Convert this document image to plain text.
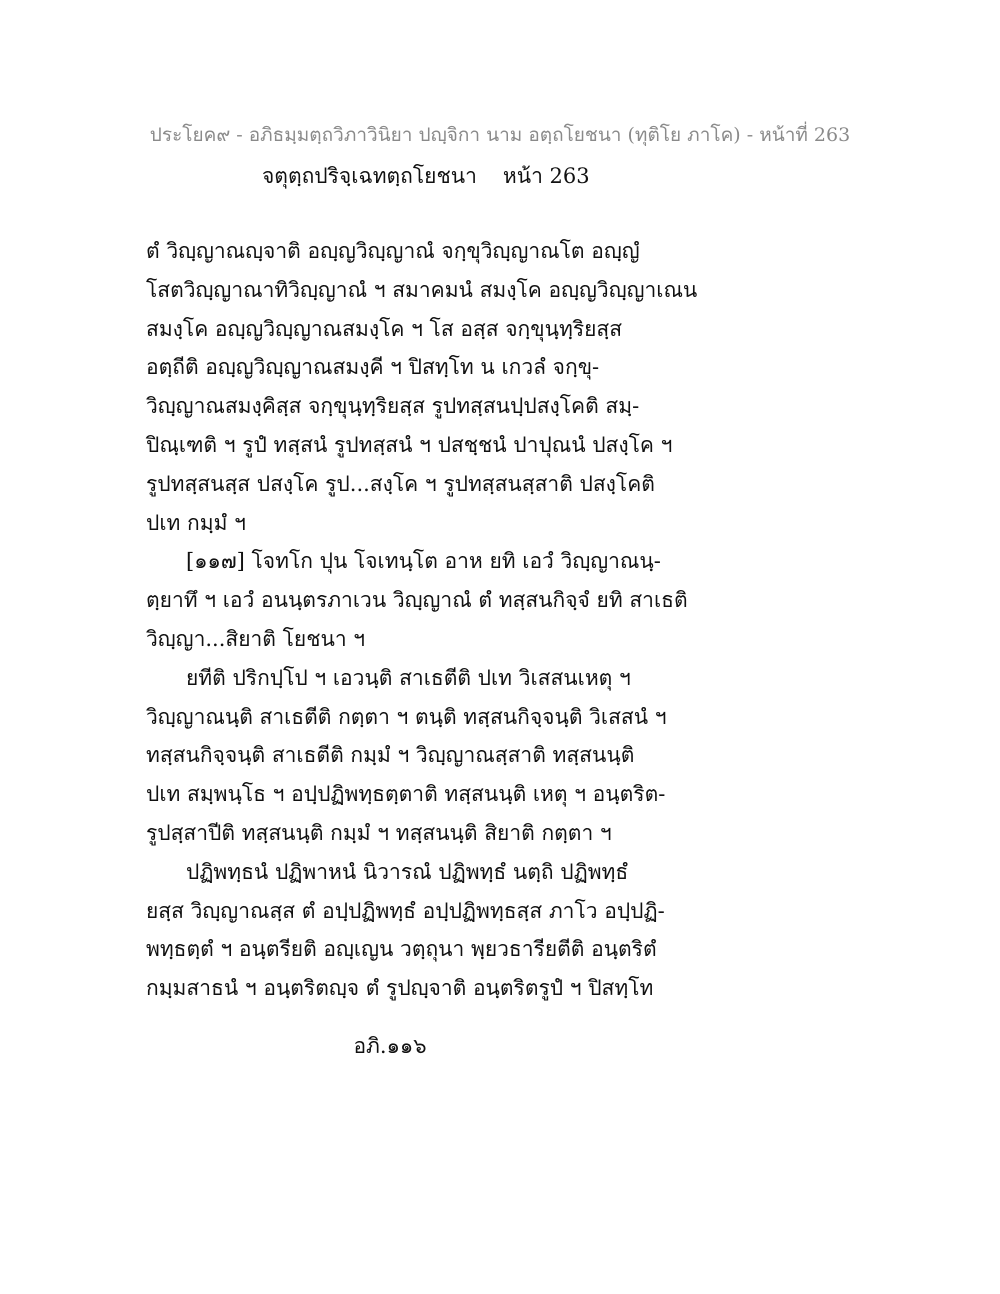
ประโยค๙ - อภิธมฺมตฺถวิภาวินิยา ปญฺจิกา นาม อตฺถโยชนา (ทุติโย ภาโค) - หน้าที่ 263
จตุตฺถปริจฺเฉทตฺถโยชนา หน้า 263
ตํ วิญฺญาณญฺจาติ อญฺญวิญฺญาณํ จกฺขุวิญฺญาณโต อญฺญํ
โสตวิญฺญาณาทิวิญฺญาณํ ฯ สมาคมนํ สมงฺโค อญฺญวิญฺญาเณน
สมงฺโค อญฺญวิญฺญาณสมงฺโค ฯ โส อสฺส จกฺขุนฺทฺริยสฺส
อตฺถีติ อญฺญวิญฺญาณสมงฺคี ฯ ปิสทฺโท น เกวลํ จกฺขุ-
วิญฺญาณสมงฺคิสฺส จกฺขุนฺทฺริยสฺส รูปทสฺสนปฺปสงฺโคติ สมฺ-
ปิณฺเฑติ ฯ รูปํ ทสฺสนํ รูปทสฺสนํ ฯ ปสชฺชนํ ปาปุณนํ ปสงฺโค ฯ
รูปทสฺสนสฺส ปสงฺโค รูป...สงฺโค ฯ รูปทสฺสนสฺสาติ ปสงฺโคติ
ปเท กมฺมํ ฯ
[๑๑๗] โจทโก ปุน โจเทนฺโต อาห ยทิ เอวํ วิญฺญาณนฺ-
ตฺยาทึ ฯ เอวํ อนนฺตรภาเวน วิญฺญาณํ ตํ ทสฺสนกิจฺจํ ยทิ สาเธติ
วิญฺญา...สิยาติ โยชนา ฯ
ยทีติ ปริกปฺโป ฯ เอวนฺติ สาเธตีติ ปเท วิเสสนเหตุ ฯ
วิญฺญาณนฺติ สาเธตีติ กตฺตา ฯ ตนฺติ ทสฺสนกิจฺจนฺติ วิเสสนํ ฯ
ทสฺสนกิจฺจนฺติ สาเธตีติ กมฺมํ ฯ วิญฺญาณสฺสาติ ทสฺสนนฺติ
ปเท สมฺพนฺโธ ฯ อปฺปฏิพทฺธตฺตาติ ทสฺสนนฺติ เหตุ ฯ อนฺตริต-
รูปสฺสาปีติ ทสฺสนนฺติ กมฺมํ ฯ ทสฺสนนฺติ สิยาติ กตฺตา ฯ
ปฏิพทฺธนํ ปฏิพาหนํ นิวารณํ ปฏิพทฺธํ นตฺถิ ปฏิพทฺธํ
ยสฺส วิญฺญาณสฺส ตํ อปฺปฏิพทฺธํ อปฺปฏิพทฺธสฺส ภาโว อปฺปฏิ-
พทฺธตฺตํ ฯ อนฺตรียติ อญฺเญน วตฺถุนา พฺยวธารียตีติ อนฺตริตํ
กมฺมสาธนํ ฯ อนฺตริตญฺจ ตํ รูปญฺจาติ อนฺตริตรูปํ ฯ ปิสทฺโท
อภิ.๑๑๖
